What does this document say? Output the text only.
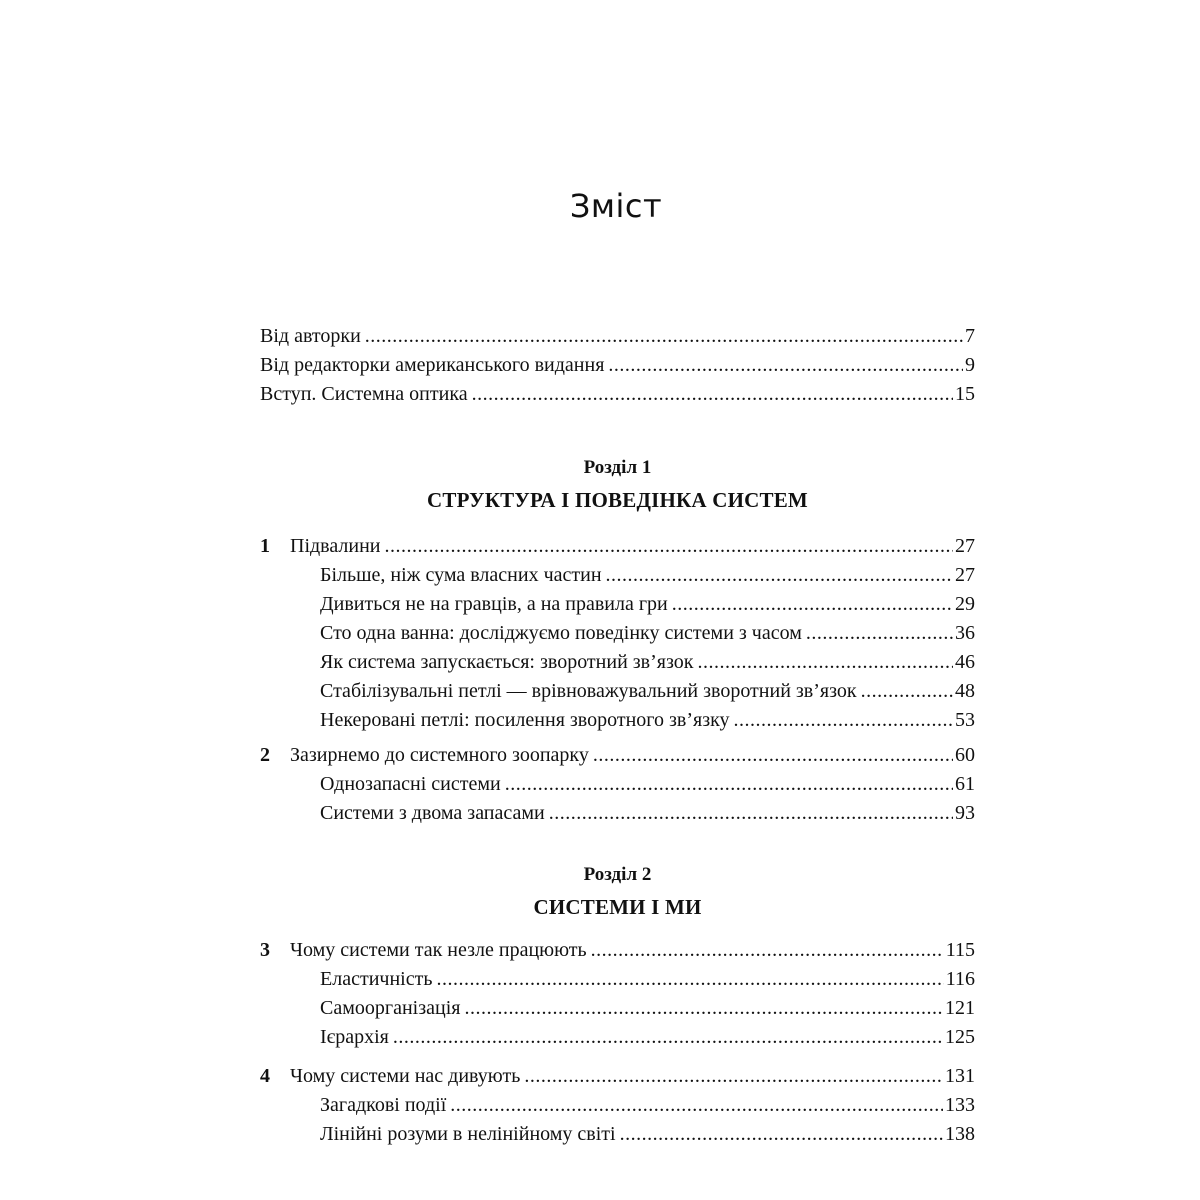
Зміст
Від авторки .....	7
Від редакторки американського видання .....	9
Вступ. Системна оптика .....	15
Розділ 1
СТРУКТУРА І ПОВЕДІНКА СИСТЕМ
1 Підвалини .....	27
Більше, ніж сума власних частин .....	27
Дивиться не на гравців, а на правила гри .....	29
Сто одна ванна: досліджуємо поведінку системи з часом .....	36
Як система запускається: зворотний зв’язок .....	46
Стабілізувальні петлі — врівноважувальний зворотний зв’язок .....	48
Некеровані петлі: посилення зворотного зв’язку .....	53
2 Зазирнемо до системного зоопарку .....	60
Однозапасні системи .....	61
Системи з двома запасами .....	93
Розділ 2
СИСТЕМИ І МИ
3 Чому системи так незле працюють .....	115
Еластичність .....	116
Самоорганізація .....	121
Ієрархія .....	125
4 Чому системи нас дивують .....	131
Загадкові події .....	133
Лінійні розуми в нелінійному світі .....	138
